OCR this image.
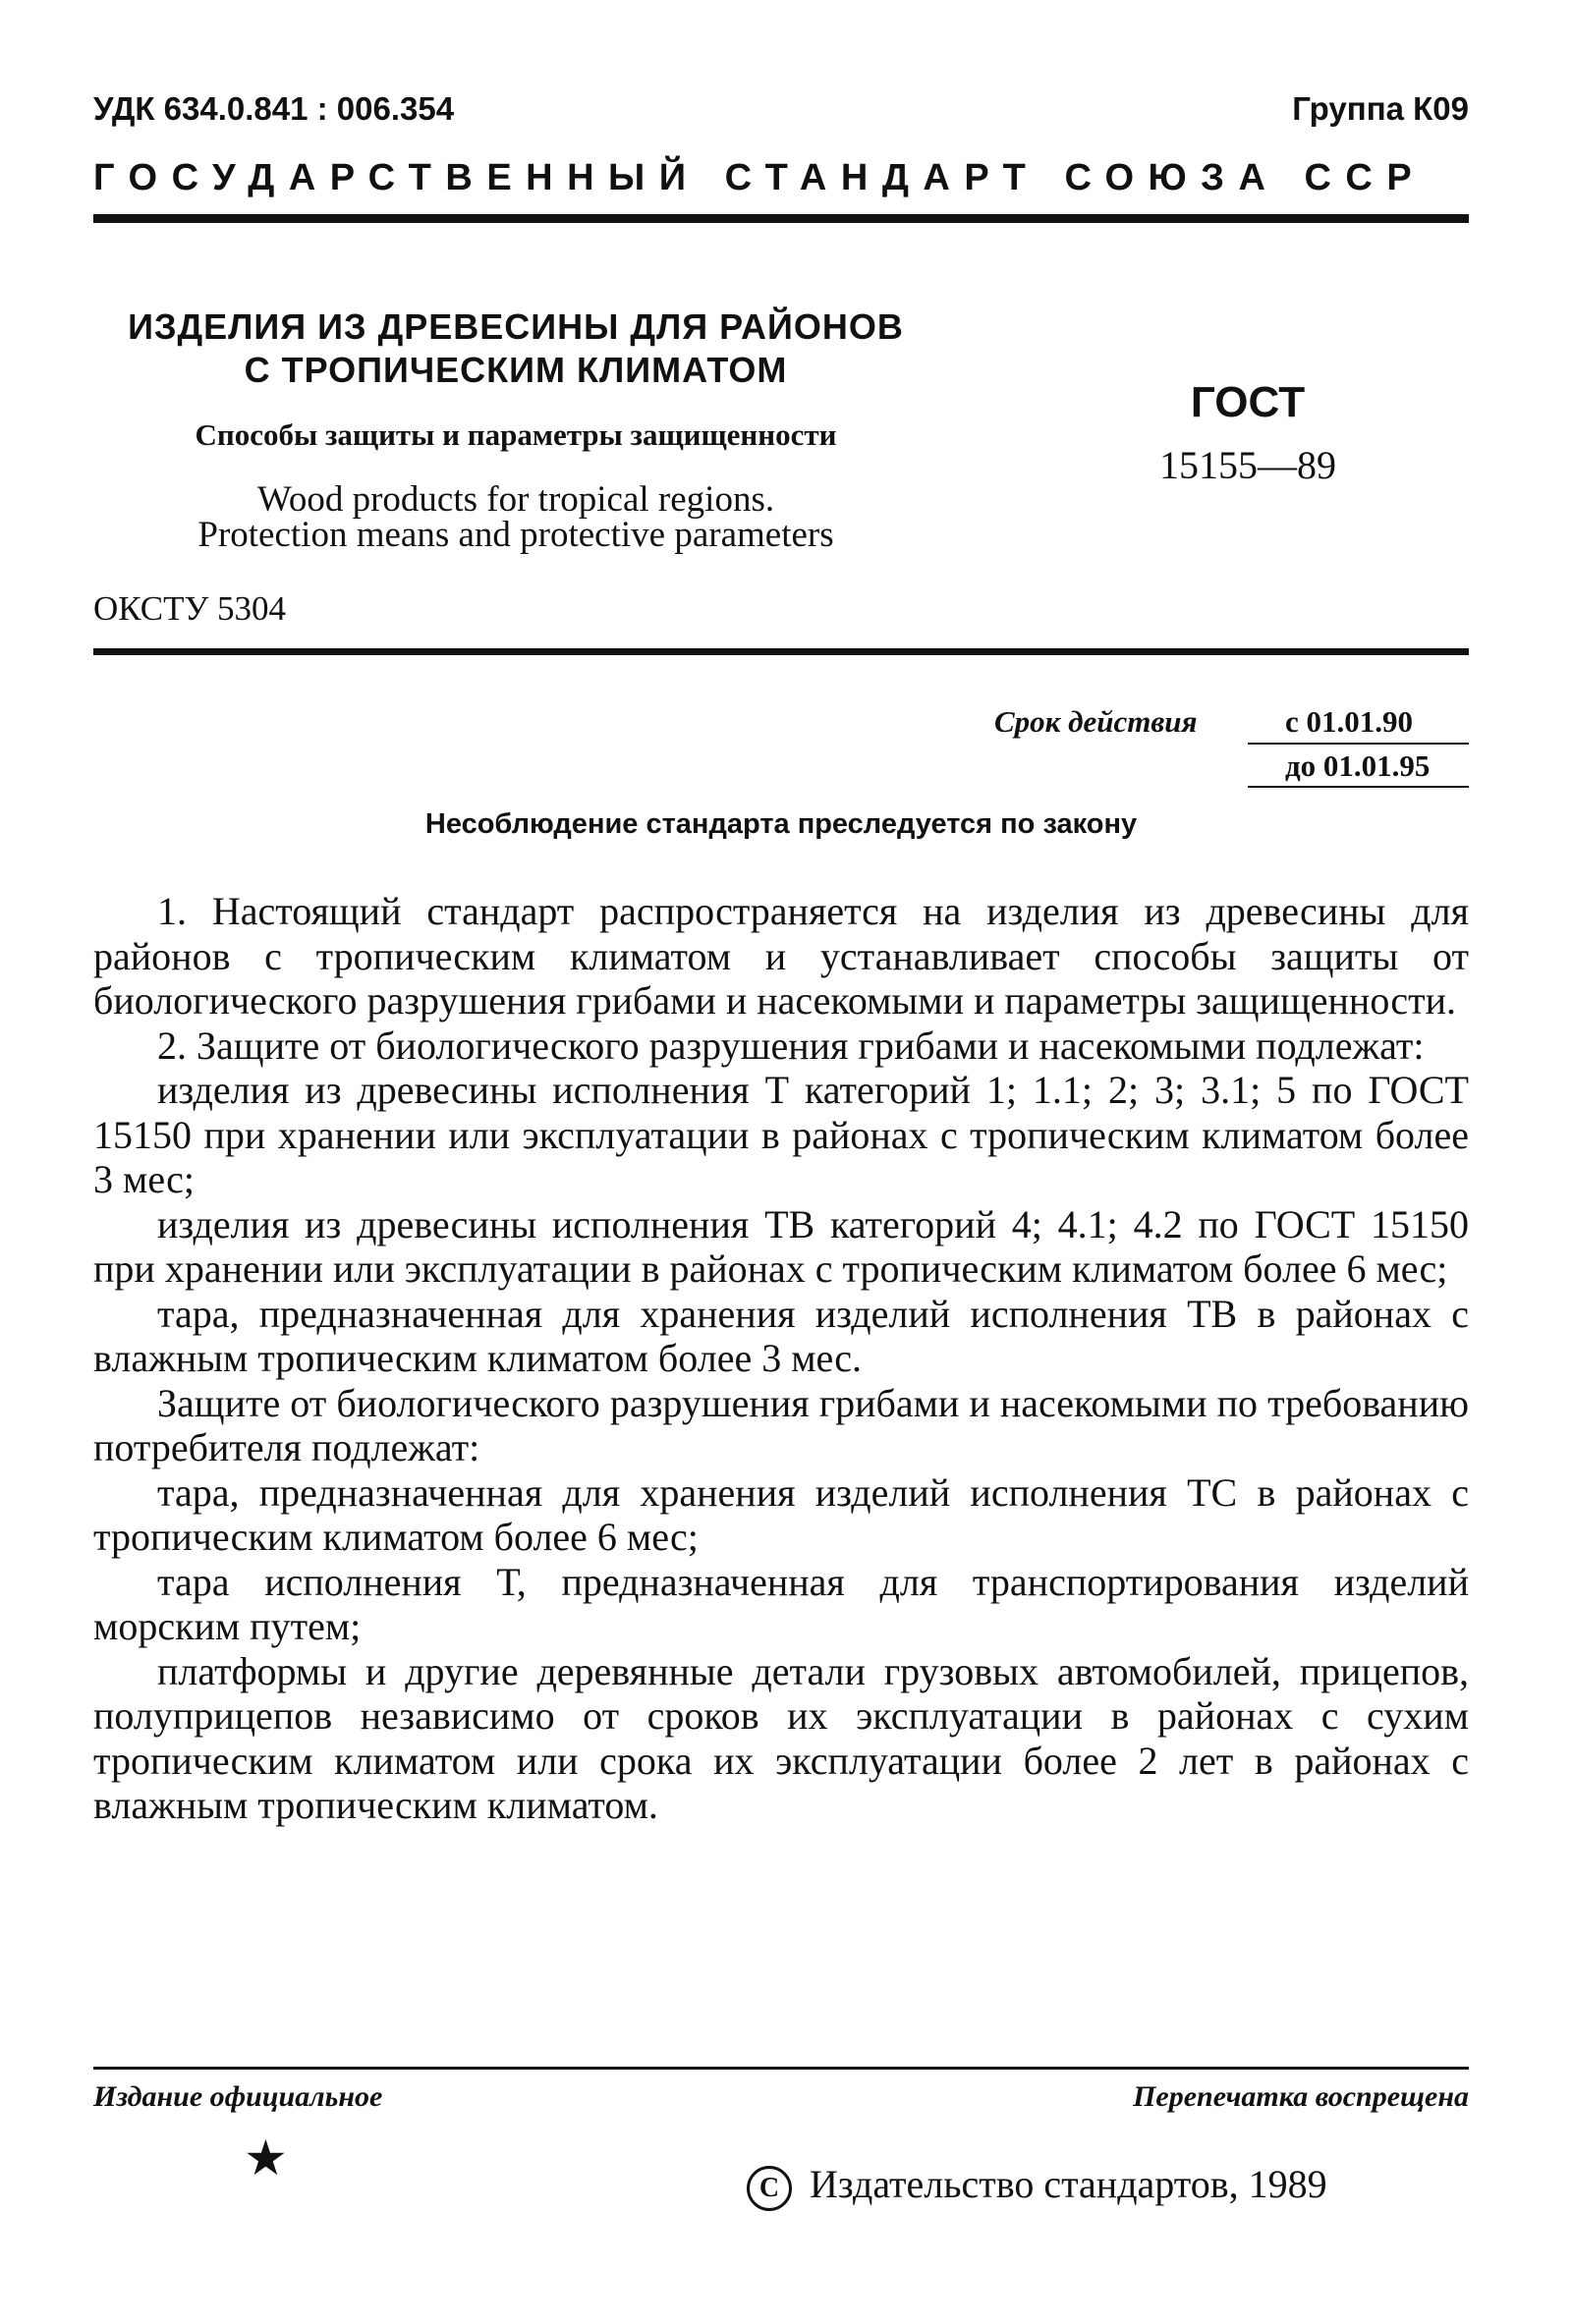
УДК 634.0.841 : 006.354	Группа К09
ГОСУДАРСТВЕННЫЙ СТАНДАРТ СОЮЗА ССР
ИЗДЕЛИЯ ИЗ ДРЕВЕСИНЫ ДЛЯ РАЙОНОВ
С ТРОПИЧЕСКИМ КЛИМАТОМ
Способы защиты и параметры защищенности
Wood products for tropical regions.
Protection means and protective parameters
ГОСТ
15155—89
ОКСТУ 5304
Срок действия	с 01.01.90
до 01.01.95
Несоблюдение стандарта преследуется по закону

1. Настоящий стандарт распространяется на изделия из древесины для районов с тропическим климатом и устанавливает способы защиты от биологического разрушения грибами и насекомыми и параметры защищенности.

2. Защите от биологического разрушения грибами и насекомыми подлежат:

изделия из древесины исполнения Т категорий 1; 1.1; 2; 3; 3.1; 5 по ГОСТ 15150 при хранении или эксплуатации в районах с тропическим климатом более 3 мес;

изделия из древесины исполнения ТВ категорий 4; 4.1; 4.2 по ГОСТ 15150 при хранении или эксплуатации в районах с тропическим климатом более 6 мес;

тара, предназначенная для хранения изделий исполнения ТВ в районах с влажным тропическим климатом более 3 мес.

Защите от биологического разрушения грибами и насекомыми по требованию потребителя подлежат:

тара, предназначенная для хранения изделий исполнения ТС в районах с тропическим климатом более 6 мес;

тара исполнения Т, предназначенная для транспортирования изделий морским путем;

платформы и другие деревянные детали грузовых автомобилей, прицепов, полуприцепов независимо от сроков их эксплуатации в районах с сухим тропическим климатом или срока их эксплуатации более 2 лет в районах с влажным тропическим климатом.

Издание официальное	Перепечатка воспрещена
★
C Издательство стандартов, 1989
